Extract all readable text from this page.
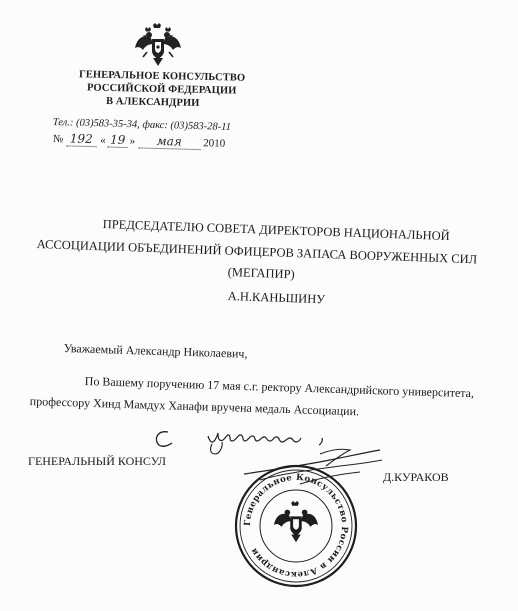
ГЕНЕРАЛЬНОЕ КОНСУЛЬСТВО
РОССИЙСКОЙ ФЕДЕРАЦИИ
В АЛЕКСАНДРИИ
Тел.: (03)583-35-34, факс: (03)583-28-11
№ 192 « 19 »	мая	2010
ПРЕДСЕДАТЕЛЮ СОВЕТА ДИРЕКТОРОВ НАЦИОНАЛЬНОЙ
АССОЦИАЦИИ ОБЪЕДИНЕНИЙ ОФИЦЕРОВ ЗАПАСА ВООРУЖЕННЫХ СИЛ
(МЕГАПИР)
А.Н.КАНЬШИНУ
Уважаемый Александр Николаевич,
По Вашему поручению 17 мая с.г. ректору Александрийского университета,
профессору Хинд Мамдух Ханафи вручена медаль Ассоциации.
ГЕНЕРАЛЬНЫЙ КОНСУЛ
Д.КУРАКОВ
Генеральное Консульство России в Александрии
